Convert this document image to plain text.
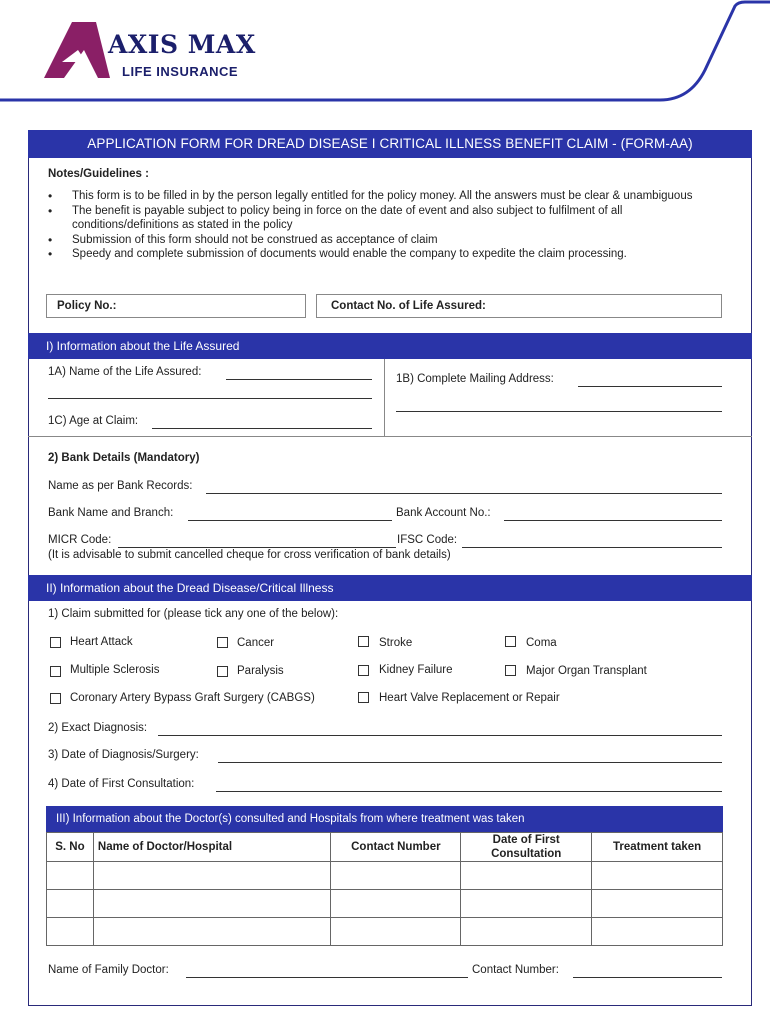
AXIS MAX
LIFE INSURANCE
APPLICATION FORM FOR DREAD DISEASE I CRITICAL ILLNESS BENEFIT CLAIM - (FORM-AA)
Notes/Guidelines :
• This form is to be filled in by the person legally entitled for the policy money. All the answers must be clear & unambiguous
• The benefit is payable subject to policy being in force on the date of event and also subject to fulfilment of all conditions/definitions as stated in the policy
• Submission of this form should not be construed as acceptance of claim
• Speedy and complete submission of documents would enable the company to expedite the claim processing.
Policy No.:	Contact No. of Life Assured:
I) Information about the Life Assured
1A) Name of the Life Assured:
1C) Age at Claim:
1B) Complete Mailing Address:
2) Bank Details (Mandatory)
Name as per Bank Records:
Bank Name and Branch:	Bank Account No.:
MICR Code:	IFSC Code:
(It is advisable to submit cancelled cheque for cross verification of bank details)
II) Information about the Dread Disease/Critical Illness
1) Claim submitted for (please tick any one of the below):
Heart Attack	Cancer	Stroke	Coma
Multiple Sclerosis	Paralysis	Kidney Failure	Major Organ Transplant
Coronary Artery Bypass Graft Surgery (CABGS)	Heart Valve Replacement or Repair
2) Exact Diagnosis:
3) Date of Diagnosis/Surgery:
4) Date of First Consultation:
III) Information about the Doctor(s) consulted and Hospitals from where treatment was taken
S. No	Name of Doctor/Hospital	Contact Number	Date of First Consultation	Treatment taken

Name of Family Doctor:	Contact Number:
